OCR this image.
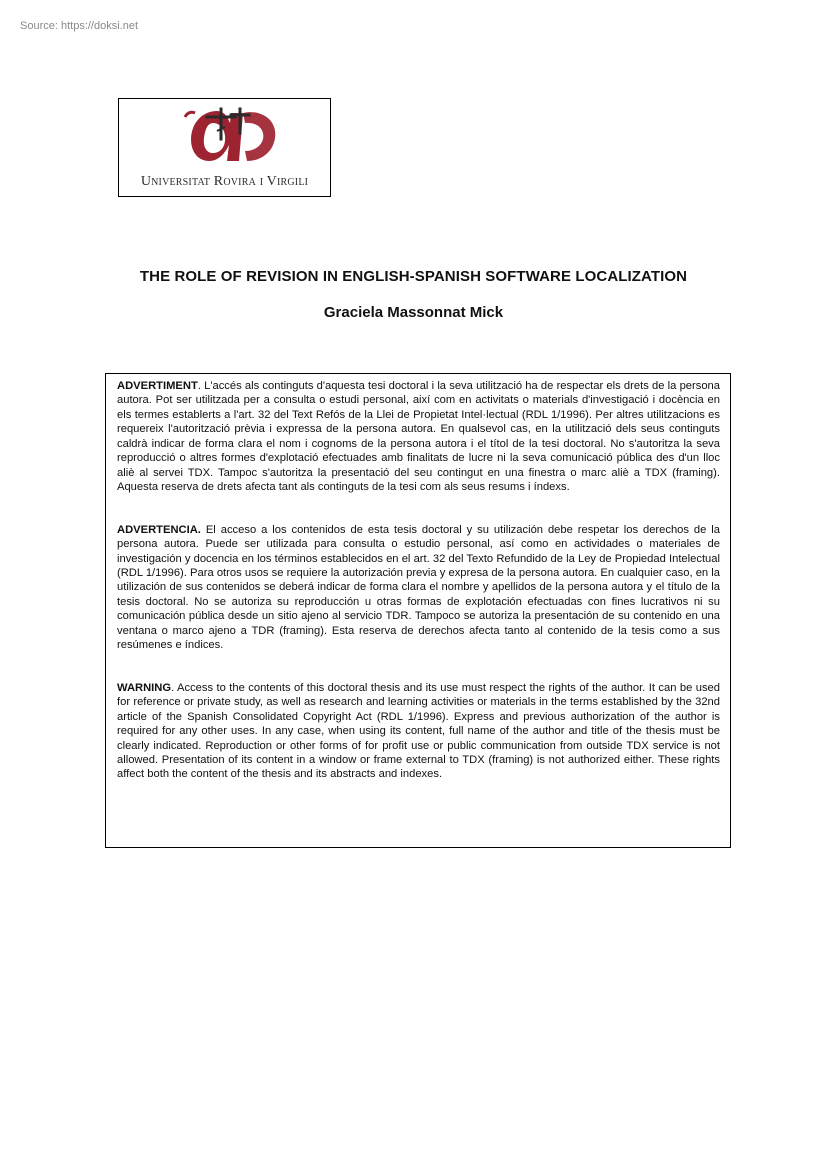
Source: https://doksi.net
Universitat Rovira i Virgili
THE ROLE OF REVISION IN ENGLISH-SPANISH SOFTWARE LOCALIZATION
Graciela Massonnat Mick

ADVERTIMENT. L'accés als continguts d'aquesta tesi doctoral i la seva utilització ha de respectar els drets de la persona autora. Pot ser utilitzada per a consulta o estudi personal, així com en activitats o materials d'investigació i docència en els termes establerts a l'art. 32 del Text Refós de la Llei de Propietat Intel·lectual (RDL 1/1996). Per altres utilitzacions es requereix l'autorització prèvia i expressa de la persona autora. En qualsevol cas, en la utilització dels seus continguts caldrà indicar de forma clara el nom i cognoms de la persona autora i el títol de la tesi doctoral. No s'autoritza la seva reproducció o altres formes d'explotació efectuades amb finalitats de lucre ni la seva comunicació pública des d'un lloc aliè al servei TDX. Tampoc s'autoritza la presentació del seu contingut en una finestra o marc aliè a TDX (framing). Aquesta reserva de drets afecta tant als continguts de la tesi com als seus resums i índexs.

ADVERTENCIA. El acceso a los contenidos de esta tesis doctoral y su utilización debe respetar los derechos de la persona autora. Puede ser utilizada para consulta o estudio personal, así como en actividades o materiales de investigación y docencia en los términos establecidos en el art. 32 del Texto Refundido de la Ley de Propiedad Intelectual (RDL 1/1996). Para otros usos se requiere la autorización previa y expresa de la persona autora. En cualquier caso, en la utilización de sus contenidos se deberá indicar de forma clara el nombre y apellidos de la persona autora y el título de la tesis doctoral. No se autoriza su reproducción u otras formas de explotación efectuadas con fines lucrativos ni su comunicación pública desde un sitio ajeno al servicio TDR. Tampoco se autoriza la presentación de su contenido en una ventana o marco ajeno a TDR (framing). Esta reserva de derechos afecta tanto al contenido de la tesis como a sus resúmenes e índices.

WARNING. Access to the contents of this doctoral thesis and its use must respect the rights of the author. It can be used for reference or private study, as well as research and learning activities or materials in the terms established by the 32nd article of the Spanish Consolidated Copyright Act (RDL 1/1996). Express and previous authorization of the author is required for any other uses. In any case, when using its content, full name of the author and title of the thesis must be clearly indicated. Reproduction or other forms of for profit use or public communication from outside TDX service is not allowed. Presentation of its content in a window or frame external to TDX (framing) is not authorized either. These rights affect both the content of the thesis and its abstracts and indexes.
